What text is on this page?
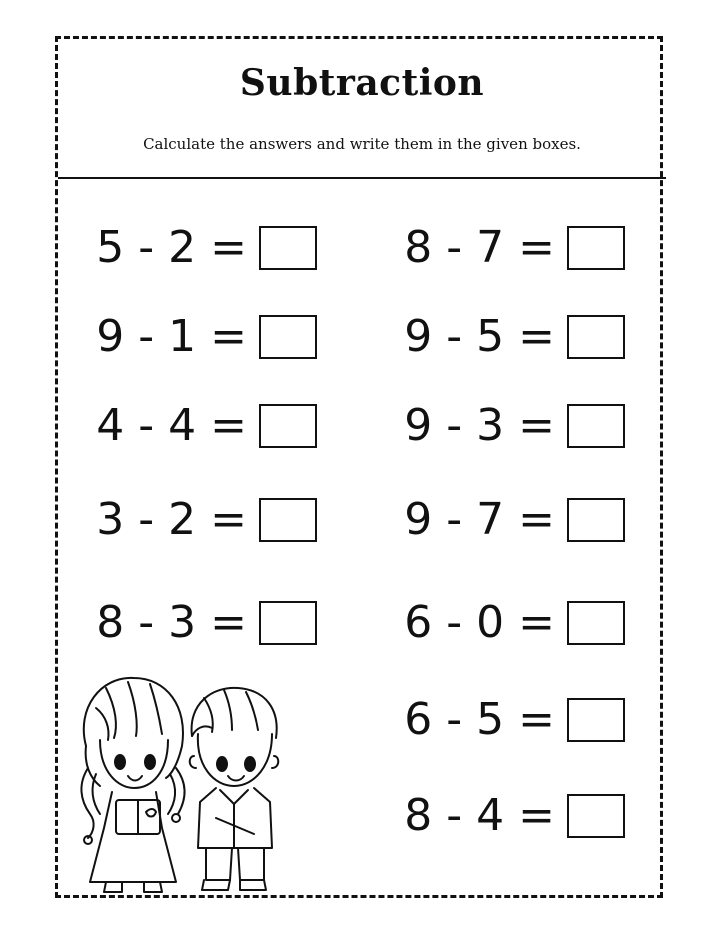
Subtraction
Calculate the answers and write them in the given boxes.
5 - 2 =
9 - 1 =
4 - 4 =
3 - 2 =
8 - 3 =
8 - 7 =
9 - 5 =
9 - 3 =
9 - 7 =
6 - 0 =
6 - 5 =
8 - 4 =
